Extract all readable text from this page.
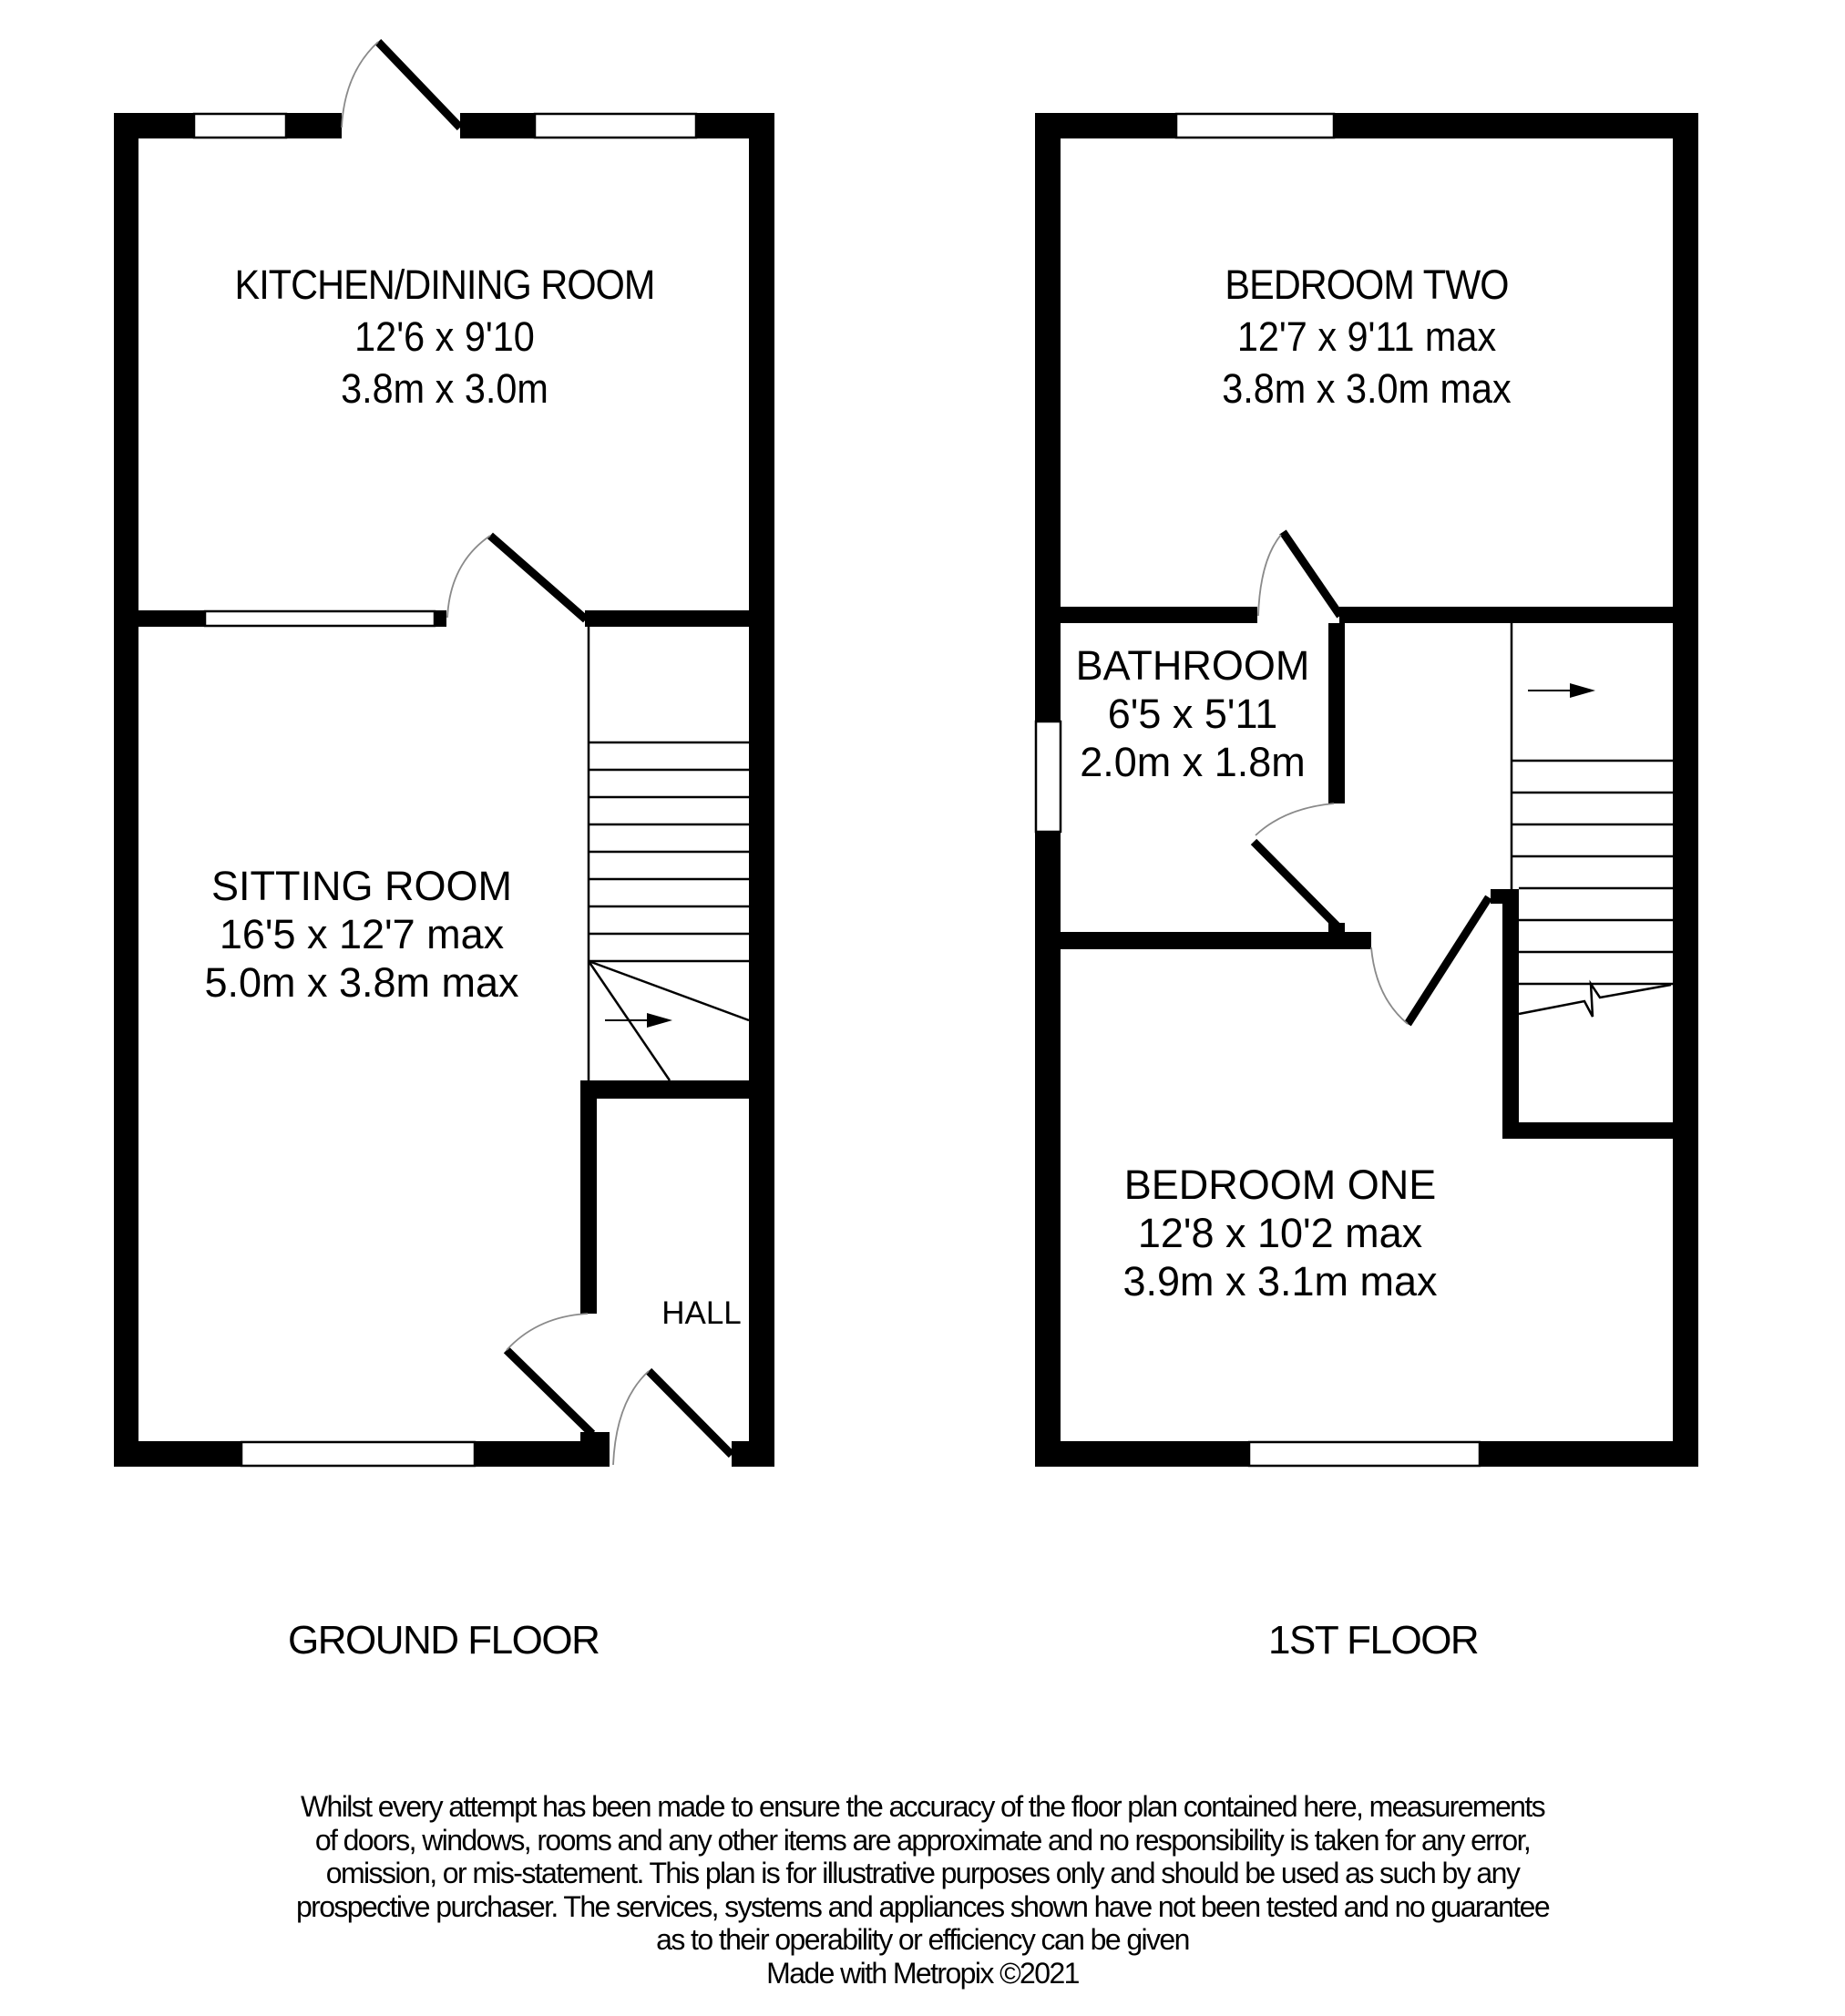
KITCHEN/DINING ROOM
12'6 x 9'10
3.8m x 3.0m
SITTING ROOM
16'5 x 12'7 max
5.0m x 3.8m max
HALL
BEDROOM TWO
12'7 x 9'11 max
3.8m x 3.0m max
BATHROOM
6'5 x 5'11
2.0m x 1.8m
BEDROOM ONE
12'8 x 10'2 max
3.9m x 3.1m max
GROUND FLOOR	1ST FLOOR
Whilst every attempt has been made to ensure the accuracy of the floor plan contained here, measurements
of doors, windows, rooms and any other items are approximate and no responsibility is taken for any error,
omission, or mis-statement. This plan is for illustrative purposes only and should be used as such by any
prospective purchaser. The services, systems and appliances shown have not been tested and no guarantee
as to their operability or efficiency can be given
Made with Metropix ©2021
